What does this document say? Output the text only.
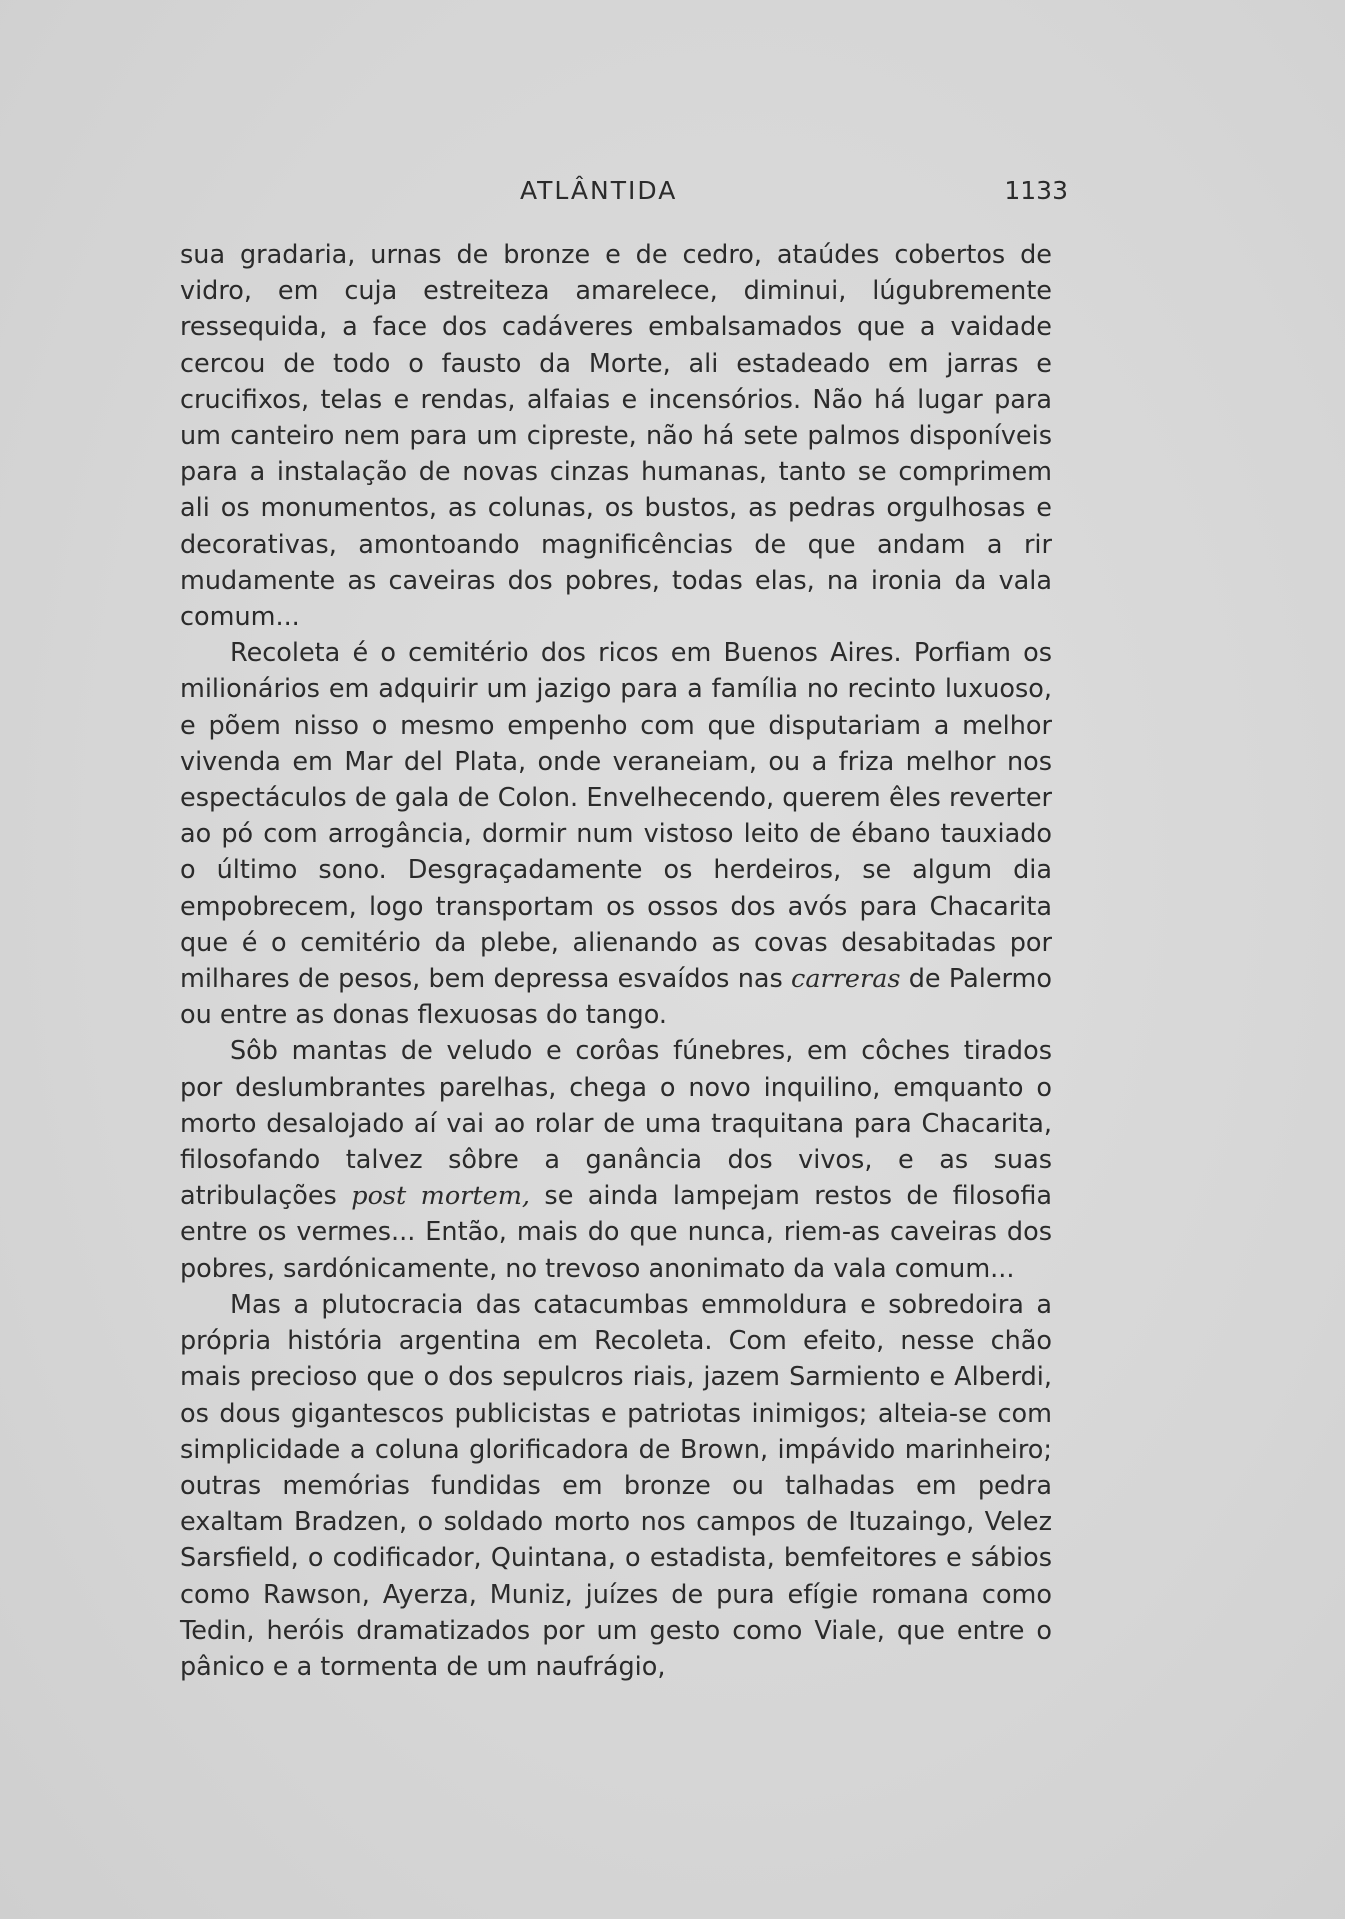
ATLÂNTIDA	1133

sua gradaria, urnas de bronze e de cedro, ataúdes cobertos de vidro, em cuja estreiteza amarelece, diminui, lúgubremente ressequida, a face dos cadáveres embalsamados que a vaidade cercou de todo o fausto da Morte, ali estadeado em jarras e crucifixos, telas e rendas, alfaias e incensórios. Não há lugar para um canteiro nem para um cipreste, não há sete palmos disponíveis para a instalação de novas cinzas humanas, tanto se comprimem ali os monumentos, as colunas, os bustos, as pedras orgulhosas e decorativas, amontoando magnificências de que andam a rir mudamente as caveiras dos pobres, todas elas, na ironia da vala comum...

Recoleta é o cemitério dos ricos em Buenos Aires. Porfiam os milionários em adquirir um jazigo para a família no recinto luxuoso, e põem nisso o mesmo empenho com que disputariam a melhor vivenda em Mar del Plata, onde veraneiam, ou a friza melhor nos espectáculos de gala de Colon. Envelhecendo, querem êles reverter ao pó com arrogância, dormir num vistoso leito de ébano tauxiado o último sono. Desgraçadamente os herdeiros, se algum dia empobrecem, logo transportam os ossos dos avós para Chacarita que é o cemitério da plebe, alienando as covas desabitadas por milhares de pesos, bem depressa esvaídos nas carreras de Palermo ou entre as donas flexuosas do tango.

Sôb mantas de veludo e corôas fúnebres, em côches tirados por deslumbrantes parelhas, chega o novo inquilino, emquanto o morto desalojado aí vai ao rolar de uma traquitana para Chacarita, filosofando talvez sôbre a ganância dos vivos, e as suas atribulações post mortem, se ainda lampejam restos de filosofia entre os vermes... Então, mais do que nunca, riem-as caveiras dos pobres, sardónicamente, no trevoso anonimato da vala comum...

Mas a plutocracia das catacumbas emmoldura e sobredoira a própria história argentina em Recoleta. Com efeito, nesse chão mais precioso que o dos sepulcros riais, jazem Sarmiento e Alberdi, os dous gigantescos publicistas e patriotas inimigos; alteia-se com simplicidade a coluna glorificadora de Brown, impávido marinheiro; outras memórias fundidas em bronze ou talhadas em pedra exaltam Bradzen, o soldado morto nos campos de Ituzaingo, Velez Sarsfield, o codificador, Quintana, o estadista, bemfeitores e sábios como Rawson, Ayerza, Muniz, juízes de pura efígie romana como Tedin, heróis dramatizados por um gesto como Viale, que entre o pânico e a tormenta de um naufrágio,
